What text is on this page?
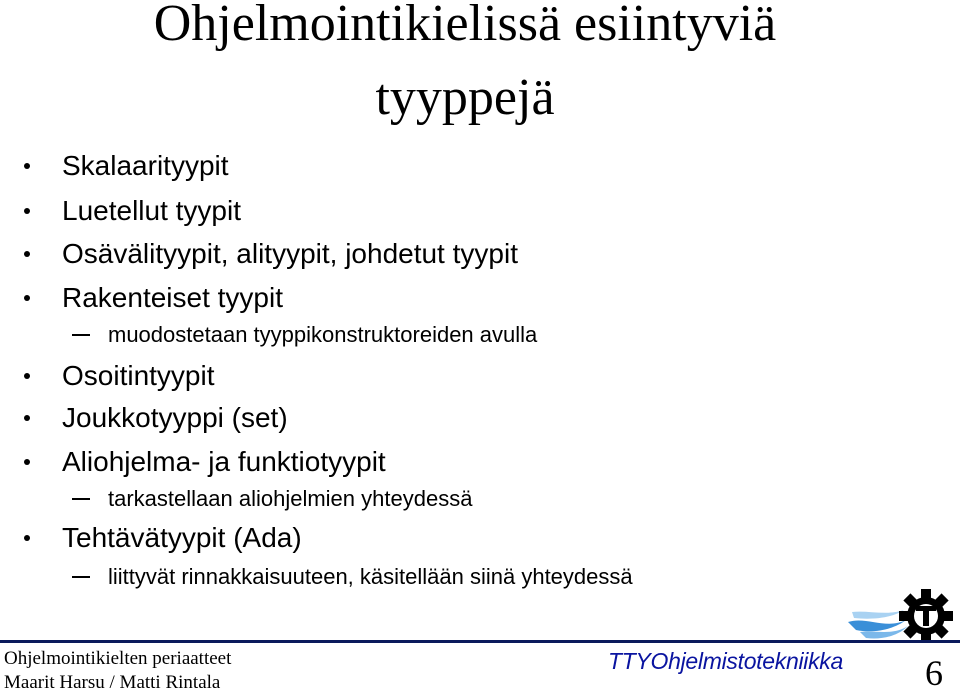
Ohjelmointikielissä esiintyviä
tyyppejä
Skalaarityypit
Luetellut tyypit
Osävälityypit, alityypit, johdetut tyypit
Rakenteiset tyypit
muodostetaan tyyppikonstruktoreiden avulla
Osoitintyypit
Joukkotyyppi (set)
Aliohjelma- ja funktiotyypit
tarkastellaan aliohjelmien yhteydessä
Tehtävätyypit (Ada)
liittyvät rinnakkaisuuteen, käsitellään siinä yhteydessä
Ohjelmointikielten periaatteet
Maarit Harsu / Matti Rintala
TTYOhjelmistotekniikka 6
